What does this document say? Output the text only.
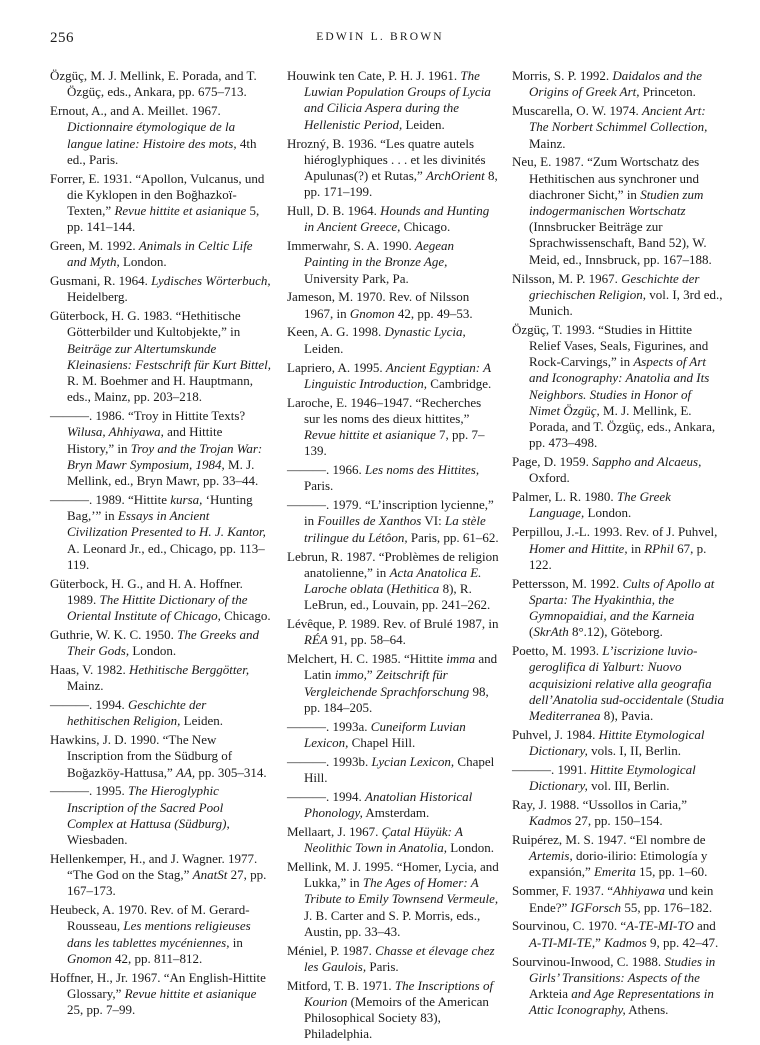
256	EDWIN L. BROWN

Özgüç, M. J. Mellink, E. Porada, and T. Özgüç, eds., Ankara, pp. 675–713.

Ernout, A., and A. Meillet. 1967. Dictionnaire étymologique de la langue latine: Histoire des mots, 4th ed., Paris.

Forrer, E. 1931. “Apollon, Vulcanus, und die Kyklopen in den Boğhazkoï-Texten,” Revue hittite et asianique 5, pp. 141–144.

Green, M. 1992. Animals in Celtic Life and Myth, London.

Gusmani, R. 1964. Lydisches Wörterbuch, Heidelberg.

Güterbock, H. G. 1983. “Hethitische Götterbilder und Kultobjekte,” in Beiträge zur Altertumskunde Kleinasiens: Festschrift für Kurt Bittel, R. M. Boehmer and H. Hauptmann, eds., Mainz, pp. 203–218.

———. 1986. “Troy in Hittite Texts? Wilusa, Ahhiyawa, and Hittite History,” in Troy and the Trojan War: Bryn Mawr Symposium, 1984, M. J. Mellink, ed., Bryn Mawr, pp. 33–44.

———. 1989. “Hittite kursa, ‘Hunting Bag,’” in Essays in Ancient Civilization Presented to H. J. Kantor, A. Leonard Jr., ed., Chicago, pp. 113–119.

Güterbock, H. G., and H. A. Hoffner. 1989. The Hittite Dictionary of the Oriental Institute of Chicago, Chicago.

Guthrie, W. K. C. 1950. The Greeks and Their Gods, London.

Haas, V. 1982. Hethitische Berggötter, Mainz.

———. 1994. Geschichte der hethitischen Religion, Leiden.

Hawkins, J. D. 1990. “The New Inscription from the Südburg of Boğazköy-Hattusa,” AA, pp. 305–314.

———. 1995. The Hieroglyphic Inscription of the Sacred Pool Complex at Hattusa (Südburg), Wiesbaden.

Hellenkemper, H., and J. Wagner. 1977. “The God on the Stag,” AnatSt 27, pp. 167–173.

Heubeck, A. 1970. Rev. of M. Gerard-Rousseau, Les mentions religieuses dans les tablettes mycéniennes, in Gnomon 42, pp. 811–812.

Hoffner, H., Jr. 1967. “An English-Hittite Glossary,” Revue hittite et asianique 25, pp. 7–99.

Houwink ten Cate, P. H. J. 1961. The Luwian Population Groups of Lycia and Cilicia Aspera during the Hellenistic Period, Leiden.

Hrozný, B. 1936. “Les quatre autels hiéroglyphiques . . . et les divinités Apulunas(?) et Rutas,” ArchOrient 8, pp. 171–199.

Hull, D. B. 1964. Hounds and Hunting in Ancient Greece, Chicago.

Immerwahr, S. A. 1990. Aegean Painting in the Bronze Age, University Park, Pa.

Jameson, M. 1970. Rev. of Nilsson 1967, in Gnomon 42, pp. 49–53.

Keen, A. G. 1998. Dynastic Lycia, Leiden.

Lapriero, A. 1995. Ancient Egyptian: A Linguistic Introduction, Cambridge.

Laroche, E. 1946–1947. “Recherches sur les noms des dieux hittites,” Revue hittite et asianique 7, pp. 7–139.

———. 1966. Les noms des Hittites, Paris.

———. 1979. “L’inscription lycienne,” in Fouilles de Xanthos VI: La stèle trilingue du Létôon, Paris, pp. 61–62.

Lebrun, R. 1987. “Problèmes de religion anatolienne,” in Acta Anatolica E. Laroche oblata (Hethitica 8), R. LeBrun, ed., Louvain, pp. 241–262.

Lévêque, P. 1989. Rev. of Brulé 1987, in RÉA 91, pp. 58–64.

Melchert, H. C. 1985. “Hittite imma and Latin immo,” Zeitschrift für Vergleichende Sprachforschung 98, pp. 184–205.

———. 1993a. Cuneiform Luvian Lexicon, Chapel Hill.

———. 1993b. Lycian Lexicon, Chapel Hill.

———. 1994. Anatolian Historical Phonology, Amsterdam.

Mellaart, J. 1967. Çatal Hüyük: A Neolithic Town in Anatolia, London.

Mellink, M. J. 1995. “Homer, Lycia, and Lukka,” in The Ages of Homer: A Tribute to Emily Townsend Vermeule, J. B. Carter and S. P. Morris, eds., Austin, pp. 33–43.

Méniel, P. 1987. Chasse et élevage chez les Gaulois, Paris.

Mitford, T. B. 1971. The Inscriptions of Kourion (Memoirs of the American Philosophical Society 83), Philadelphia.

Morris, S. P. 1992. Daidalos and the Origins of Greek Art, Princeton.

Muscarella, O. W. 1974. Ancient Art: The Norbert Schimmel Collection, Mainz.

Neu, E. 1987. “Zum Wortschatz des Hethitischen aus synchroner und diachroner Sicht,” in Studien zum indogermanischen Wortschatz (Innsbrucker Beiträge zur Sprachwissenschaft, Band 52), W. Meid, ed., Innsbruck, pp. 167–188.

Nilsson, M. P. 1967. Geschichte der griechischen Religion, vol. I, 3rd ed., Munich.

Özgüç, T. 1993. “Studies in Hittite Relief Vases, Seals, Figurines, and Rock-Carvings,” in Aspects of Art and Iconography: Anatolia and Its Neighbors. Studies in Honor of Nimet Özgüç, M. J. Mellink, E. Porada, and T. Özgüç, eds., Ankara, pp. 473–498.

Page, D. 1959. Sappho and Alcaeus, Oxford.

Palmer, L. R. 1980. The Greek Language, London.

Perpillou, J.-L. 1993. Rev. of J. Puhvel, Homer and Hittite, in RPhil 67, p. 122.

Pettersson, M. 1992. Cults of Apollo at Sparta: The Hyakinthia, the Gymnopaidiai, and the Karneia (SkrAth 8°.12), Göteborg.

Poetto, M. 1993. L’iscrizione luvio-geroglifica di Yalburt: Nuovo acquisizioni relative alla geografia dell’Anatolia sud-occidentale (Studia Mediterranea 8), Pavia.

Puhvel, J. 1984. Hittite Etymological Dictionary, vols. I, II, Berlin.

———. 1991. Hittite Etymological Dictionary, vol. III, Berlin.

Ray, J. 1988. “Ussollos in Caria,” Kadmos 27, pp. 150–154.

Ruipérez, M. S. 1947. “El nombre de Artemis, dorio-ilirio: Etimología y expansión,” Emerita 15, pp. 1–60.

Sommer, F. 1937. “Ahhiyawa und kein Ende?” IGForsch 55, pp. 176–182.

Sourvinou, C. 1970. “A-TE-MI-TO and A-TI-MI-TE,” Kadmos 9, pp. 42–47.

Sourvinou-Inwood, C. 1988. Studies in Girls’ Transitions: Aspects of the Arkteia and Age Representations in Attic Iconography, Athens.
